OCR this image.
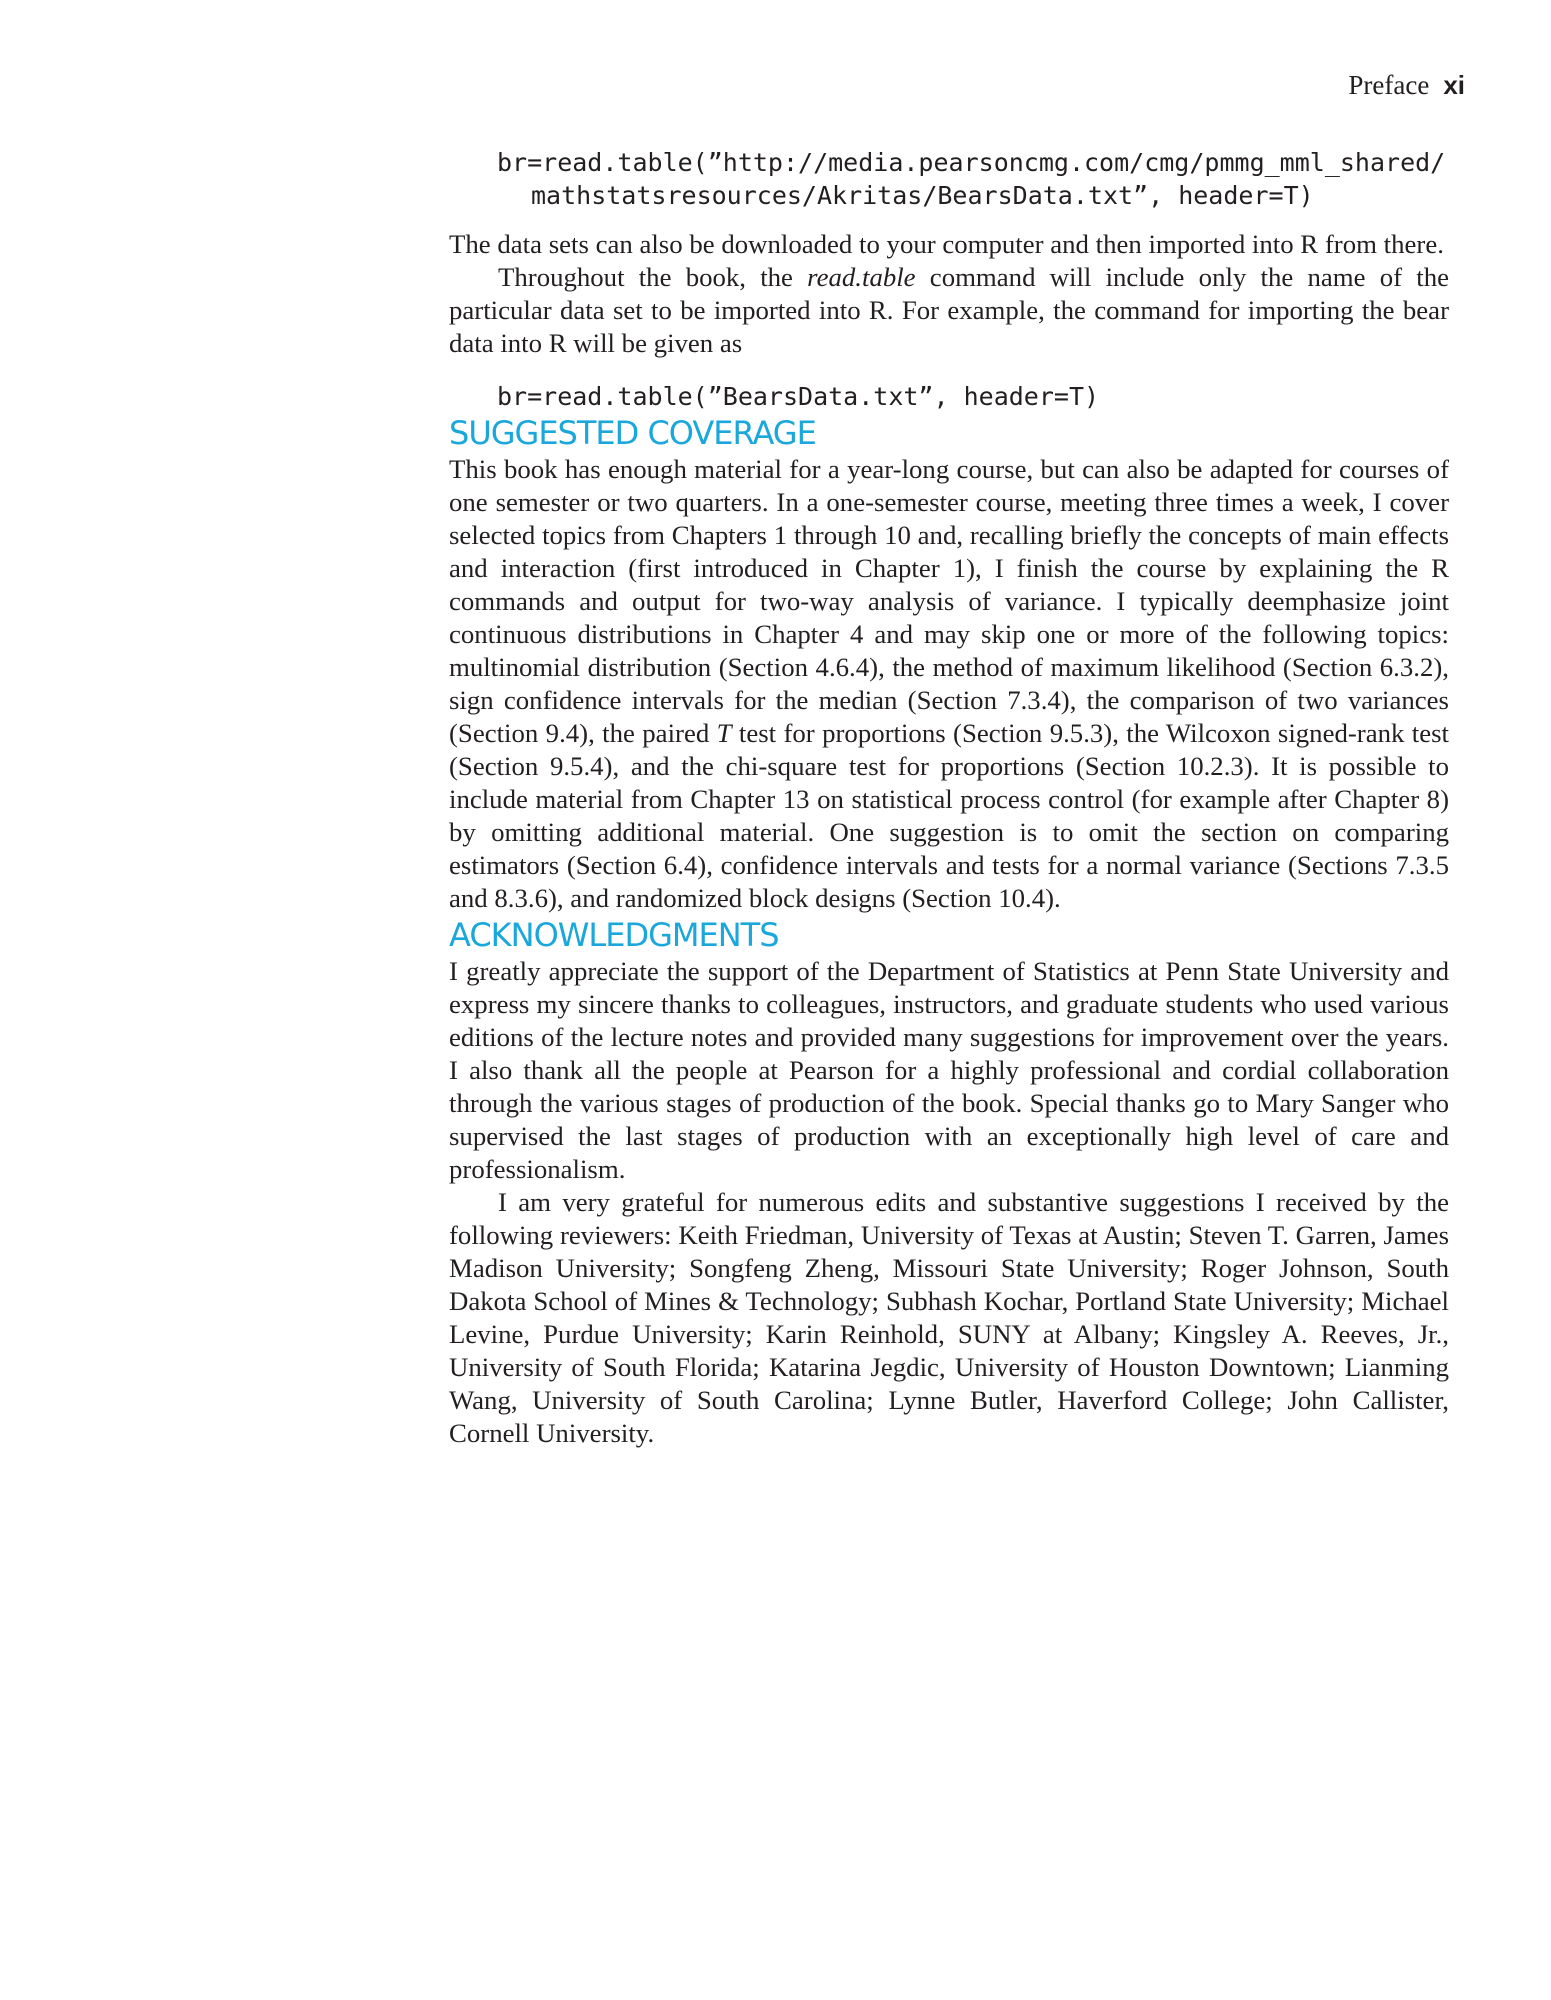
Preface xi
br=read.table(”http://media.pearsoncmg.com/cmg/pmmg_mml_shared/
mathstatsresources/Akritas/BearsData.txt”, header=T)

The data sets can also be downloaded to your computer and then imported into R from there.

Throughout the book, the read.table command will include only the name of the particular data set to be imported into R. For example, the command for importing the bear data into R will be given as

br=read.table(”BearsData.txt”, header=T)
SUGGESTED COVERAGE

This book has enough material for a year-long course, but can also be adapted for courses of one semester or two quarters. In a one-semester course, meeting three times a week, I cover selected topics from Chapters 1 through 10 and, recalling briefly the concepts of main effects and interaction (first introduced in Chapter 1), I finish the course by explaining the R commands and output for two-way analysis of variance. I typically deemphasize joint continuous distributions in Chapter 4 and may skip one or more of the following topics: multinomial distribution (Section 4.6.4), the method of maximum likelihood (Section 6.3.2), sign confidence intervals for the median (Section 7.3.4), the comparison of two variances (Section 9.4), the paired T test for proportions (Section 9.5.3), the Wilcoxon signed-rank test (Section 9.5.4), and the chi-square test for proportions (Section 10.2.3). It is possible to include material from Chapter 13 on statistical process control (for example after Chapter 8) by omitting additional material. One suggestion is to omit the section on comparing estimators (Section 6.4), confidence intervals and tests for a normal variance (Sections 7.3.5 and 8.3.6), and randomized block designs (Section 10.4).

ACKNOWLEDGMENTS

I greatly appreciate the support of the Department of Statistics at Penn State University and express my sincere thanks to colleagues, instructors, and graduate students who used various editions of the lecture notes and provided many suggestions for improvement over the years. I also thank all the people at Pearson for a highly professional and cordial collaboration through the various stages of production of the book. Special thanks go to Mary Sanger who supervised the last stages of production with an exceptionally high level of care and professionalism.

I am very grateful for numerous edits and substantive suggestions I received by the following reviewers: Keith Friedman, University of Texas at Austin; Steven T. Garren, James Madison University; Songfeng Zheng, Missouri State University; Roger Johnson, South Dakota School of Mines & Technology; Subhash Kochar, Portland State University; Michael Levine, Purdue University; Karin Reinhold, SUNY at Albany; Kingsley A. Reeves, Jr., University of South Florida; Katarina Jegdic, University of Houston Downtown; Lianming Wang, University of South Carolina; Lynne Butler, Haverford College; John Callister, Cornell University.
